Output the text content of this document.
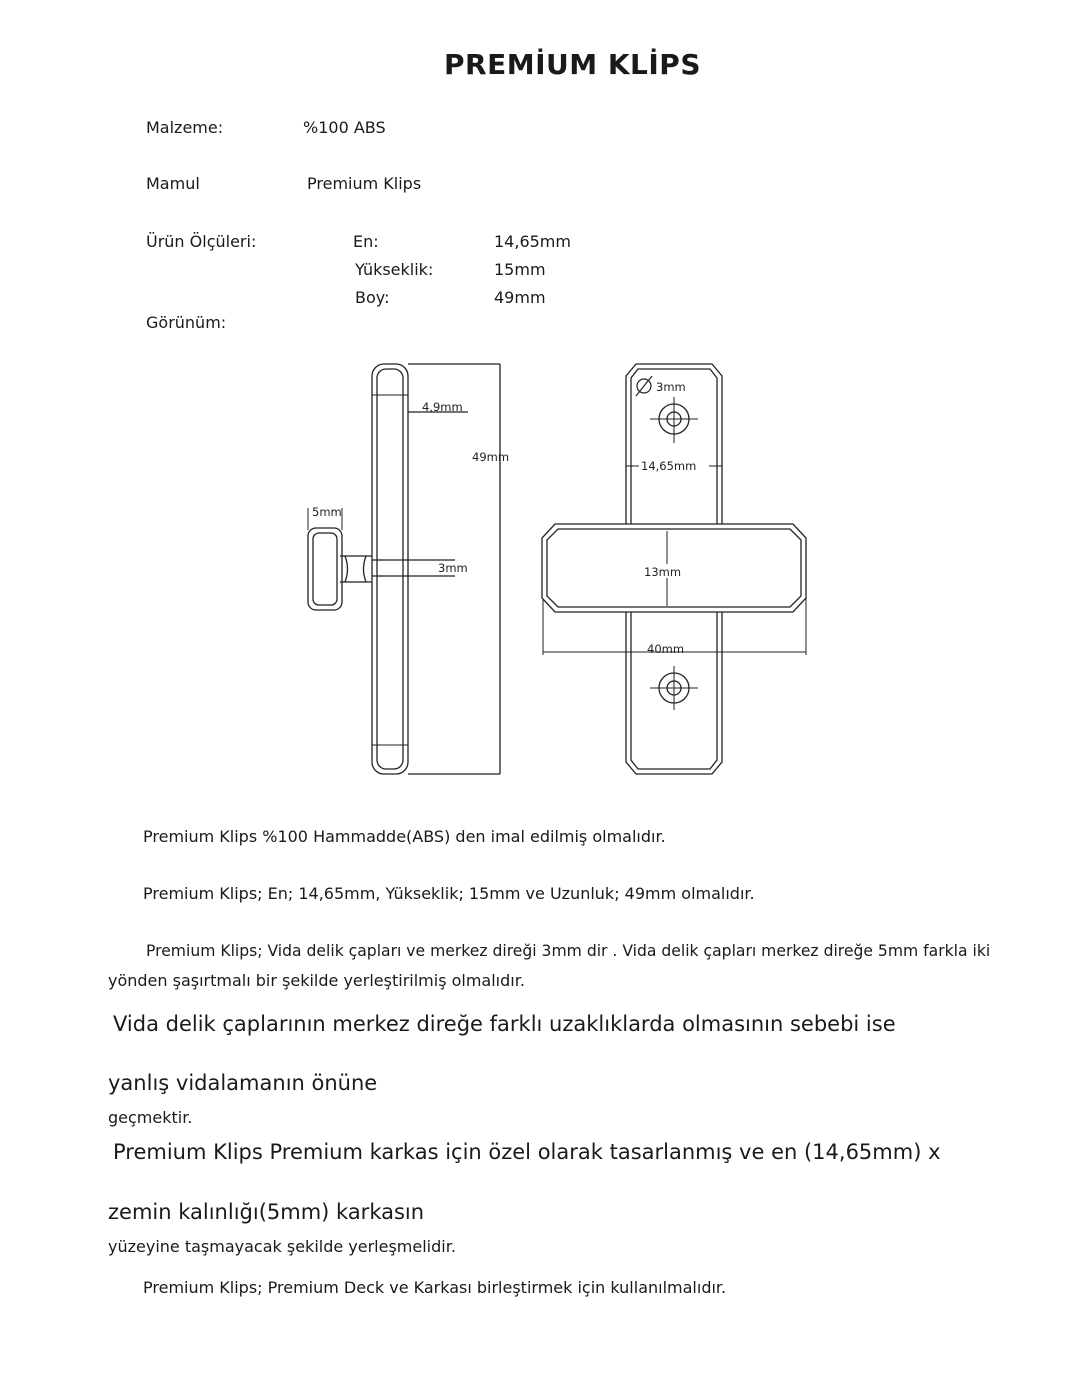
PREMİUM KLİPS
Malzeme:	%100 ABS
Mamul	Premium Klips
Ürün Ölçüleri:	En:	14,65mm
Yükseklik:	15mm
Boy:	49mm
Görünüm:
4,9mm
49mm
5mm
3mm
3mm
14,65mm
13mm
40mm
Premium Klips %100 Hammadde(ABS) den imal edilmiş olmalıdır.
Premium Klips; En; 14,65mm, Yükseklik; 15mm ve Uzunluk; 49mm olmalıdır.
Premium Klips; Vida delik çapları ve merkez direği 3mm dir . Vida delik çapları merkez direğe 5mm farkla iki
yönden şaşırtmalı bir şekilde yerleştirilmiş olmalıdır.
Vida delik çaplarının merkez direğe farklı uzaklıklarda olmasının sebebi ise
yanlış vidalamanın önüne
geçmektir.
Premium Klips Premium karkas için özel olarak tasarlanmış ve en (14,65mm) x
zemin kalınlığı(5mm) karkasın
yüzeyine taşmayacak şekilde yerleşmelidir.
Premium Klips; Premium Deck ve Karkası birleştirmek için kullanılmalıdır.
